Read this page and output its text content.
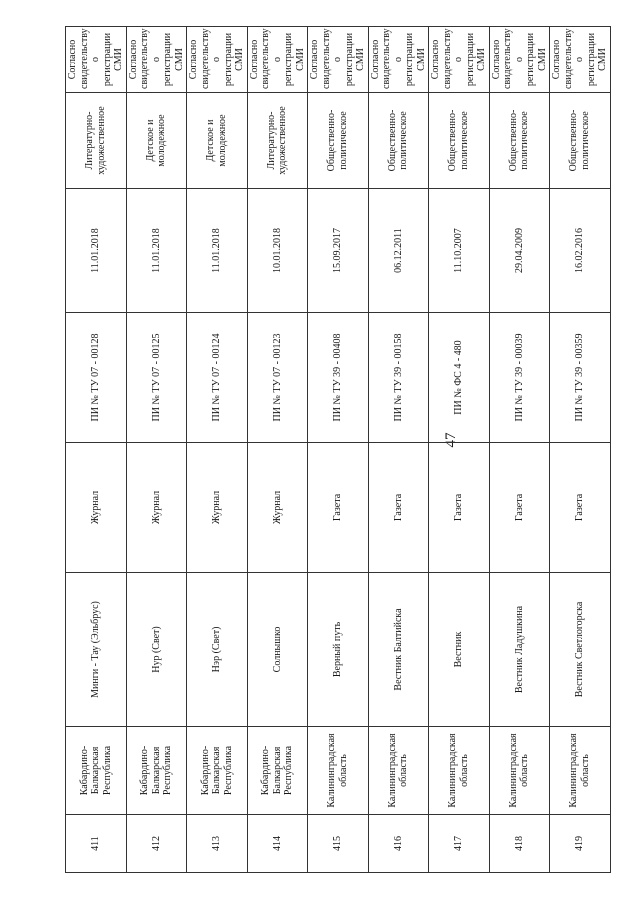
47
411	Кабардино-Балкарская Республика	Минги - Тау (Эльбрус)	Журнал	ПИ № ТУ 07 - 00128	11.01.2018	Литературно-художественное	Согласно свидетельству о регистрации СМИ
412	Кабардино-Балкарская Республика	Нур (Свет)	Журнал	ПИ № ТУ 07 - 00125	11.01.2018	Детское и молодежное	Согласно свидетельству о регистрации СМИ
413	Кабардино-Балкарская Республика	Нэр (Свет)	Журнал	ПИ № ТУ 07 - 00124	11.01.2018	Детское и молодежное	Согласно свидетельству о регистрации СМИ
414	Кабардино-Балкарская Республика	Солнышко	Журнал	ПИ № ТУ 07 - 00123	10.01.2018	Литературно-художественное	Согласно свидетельству о регистрации СМИ
415	Калининградская область	Верный путь	Газета	ПИ № ТУ 39 - 00408	15.09.2017	Общественно-политическое	Согласно свидетельству о регистрации СМИ
416	Калининградская область	Вестник Балтийска	Газета	ПИ № ТУ 39 - 00158	06.12.2011	Общественно-политическое	Согласно свидетельству о регистрации СМИ
417	Калининградская область	Вестник	Газета	ПИ № ФС 4 - 480	11.10.2007	Общественно-политическое	Согласно свидетельству о регистрации СМИ
418	Калининградская область	Вестник Ладушкина	Газета	ПИ № ТУ 39 - 00039	29.04.2009	Общественно-политическое	Согласно свидетельству о регистрации СМИ
419	Калининградская область	Вестник Светлогорска	Газета	ПИ № ТУ 39 - 00359	16.02.2016	Общественно-политическое	Согласно свидетельству о регистрации СМИ
